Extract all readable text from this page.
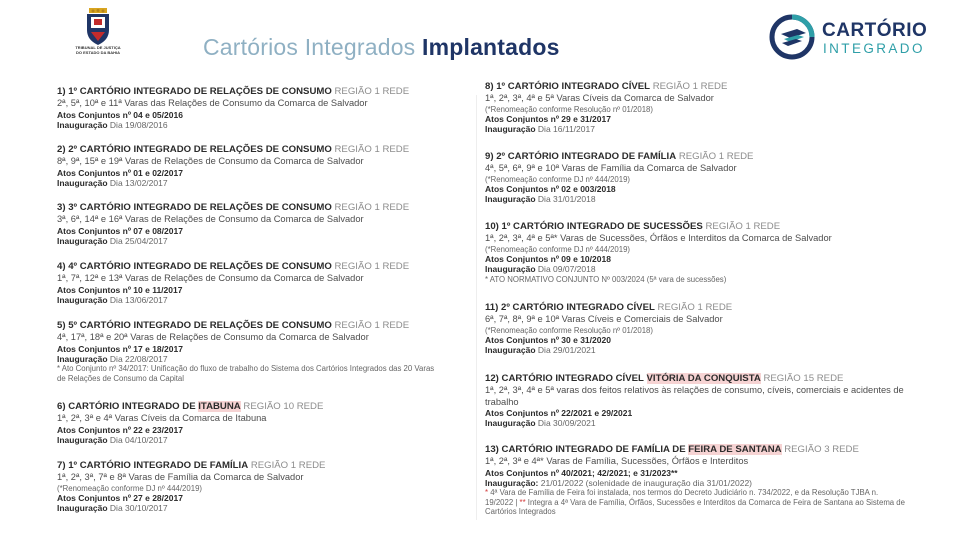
TRIBUNAL DE JUSTIÇA
DO ESTADO DA BAHIA	Cartórios Integrados Implantados
CARTÓRIO
INTEGRADO
1) 1º CARTÓRIO INTEGRADO DE RELAÇÕES DE CONSUMO REGIÃO 1 REDE
2ª, 5ª, 10ª e 11ª Varas das Relações de Consumo da Comarca de Salvador
Atos Conjuntos nº 04 e 05/2016
Inauguração Dia 19/08/2016
2) 2º CARTÓRIO INTEGRADO DE RELAÇÕES DE CONSUMO REGIÃO 1 REDE
8ª, 9ª, 15ª e 19ª Varas de Relações de Consumo da Comarca de Salvador
Atos Conjuntos nº 01 e 02/2017
Inauguração Dia 13/02/2017
3) 3º CARTÓRIO INTEGRADO DE RELAÇÕES DE CONSUMO REGIÃO 1 REDE
3ª, 6ª, 14ª e 16ª Varas de Relações de Consumo da Comarca de Salvador
Atos Conjuntos nº 07 e 08/2017
Inauguração Dia 25/04/2017
4) 4º CARTÓRIO INTEGRADO DE RELAÇÕES DE CONSUMO REGIÃO 1 REDE
1ª, 7ª, 12ª e 13ª Varas de Relações de Consumo da Comarca de Salvador
Atos Conjuntos nº 10 e 11/2017
Inauguração Dia 13/06/2017
5) 5º CARTÓRIO INTEGRADO DE RELAÇÕES DE CONSUMO REGIÃO 1 REDE
4ª, 17ª, 18ª e 20ª Varas de Relações de Consumo da Comarca de Salvador
Atos Conjuntos nº 17 e 18/2017
Inauguração Dia 22/08/2017
* Ato Conjunto nº 34/2017: Unificação do fluxo de trabalho do Sistema dos Cartórios Integrados das 20 Varas de Relações de Consumo da Capital
6) CARTÓRIO INTEGRADO DE ITABUNA REGIÃO 10 REDE
1ª, 2ª, 3ª e 4ª Varas Cíveis da Comarca de Itabuna
Atos Conjuntos nº 22 e 23/2017
Inauguração Dia 04/10/2017
7) 1º CARTÓRIO INTEGRADO DE FAMÍLIA REGIÃO 1 REDE
1ª, 2ª, 3ª, 7ª e 8ª Varas de Família da Comarca de Salvador
(*Renomeação conforme DJ nº 444/2019)
Atos Conjuntos nº 27 e 28/2017
Inauguração Dia 30/10/2017
8) 1º CARTÓRIO INTEGRADO CÍVEL REGIÃO 1 REDE
1ª, 2ª, 3ª, 4ª e 5ª Varas Cíveis da Comarca de Salvador
(*Renomeação conforme Resolução nº 01/2018)
Atos Conjuntos nº 29 e 31/2017
Inauguração Dia 16/11/2017
9) 2º CARTÓRIO INTEGRADO DE FAMÍLIA REGIÃO 1 REDE
4ª, 5ª, 6ª, 9ª e 10ª Varas de Família da Comarca de Salvador
(*Renomeação conforme DJ nº 444/2019)
Atos Conjuntos nº 02 e 003/2018
Inauguração Dia 31/01/2018
10) 1º CARTÓRIO INTEGRADO DE SUCESSÕES REGIÃO 1 REDE
1ª, 2ª, 3ª, 4ª e 5ª* Varas de Sucessões, Órfãos e Interditos da Comarca de Salvador
(*Renomeação conforme DJ nº 444/2019)
Atos Conjuntos nº 09 e 10/2018
Inauguração Dia 09/07/2018
* ATO NORMATIVO CONJUNTO Nº 003/2024 (5ª vara de sucessões)
11) 2º CARTÓRIO INTEGRADO CÍVEL REGIÃO 1 REDE
6ª, 7ª, 8ª, 9ª e 10ª Varas Cíveis e Comerciais de Salvador
(*Renomeação conforme Resolução nº 01/2018)
Atos Conjuntos nº 30 e 31/2020
Inauguração Dia 29/01/2021
12) CARTÓRIO INTEGRADO CÍVEL VITÓRIA DA CONQUISTA REGIÃO 15 REDE
1ª, 2ª, 3ª, 4ª e 5ª varas dos feitos relativos às relações de consumo, cíveis, comerciais e acidentes de trabalho
Atos Conjuntos nº 22/2021 e 29/2021
Inauguração Dia 30/09/2021
13) CARTÓRIO INTEGRADO DE FAMÍLIA DE FEIRA DE SANTANA REGIÃO 3 REDE
1ª, 2ª, 3ª e 4ª* Varas de Família, Sucessões, Órfãos e Interditos
Atos Conjuntos nº 40/2021; 42/2021; e 31/2023**
Inauguração: 21/01/2022 (solenidade de inauguração dia 31/01/2022)
* 4ª Vara de Família de Feira foi instalada, nos termos do Decreto Judiciário n. 734/2022, e da Resolução TJBA n. 19/2022 | ** Integra a 4ª Vara de Família, Órfãos, Sucessões e Interditos da Comarca de Feira de Santana ao Sistema de Cartórios Integrados
